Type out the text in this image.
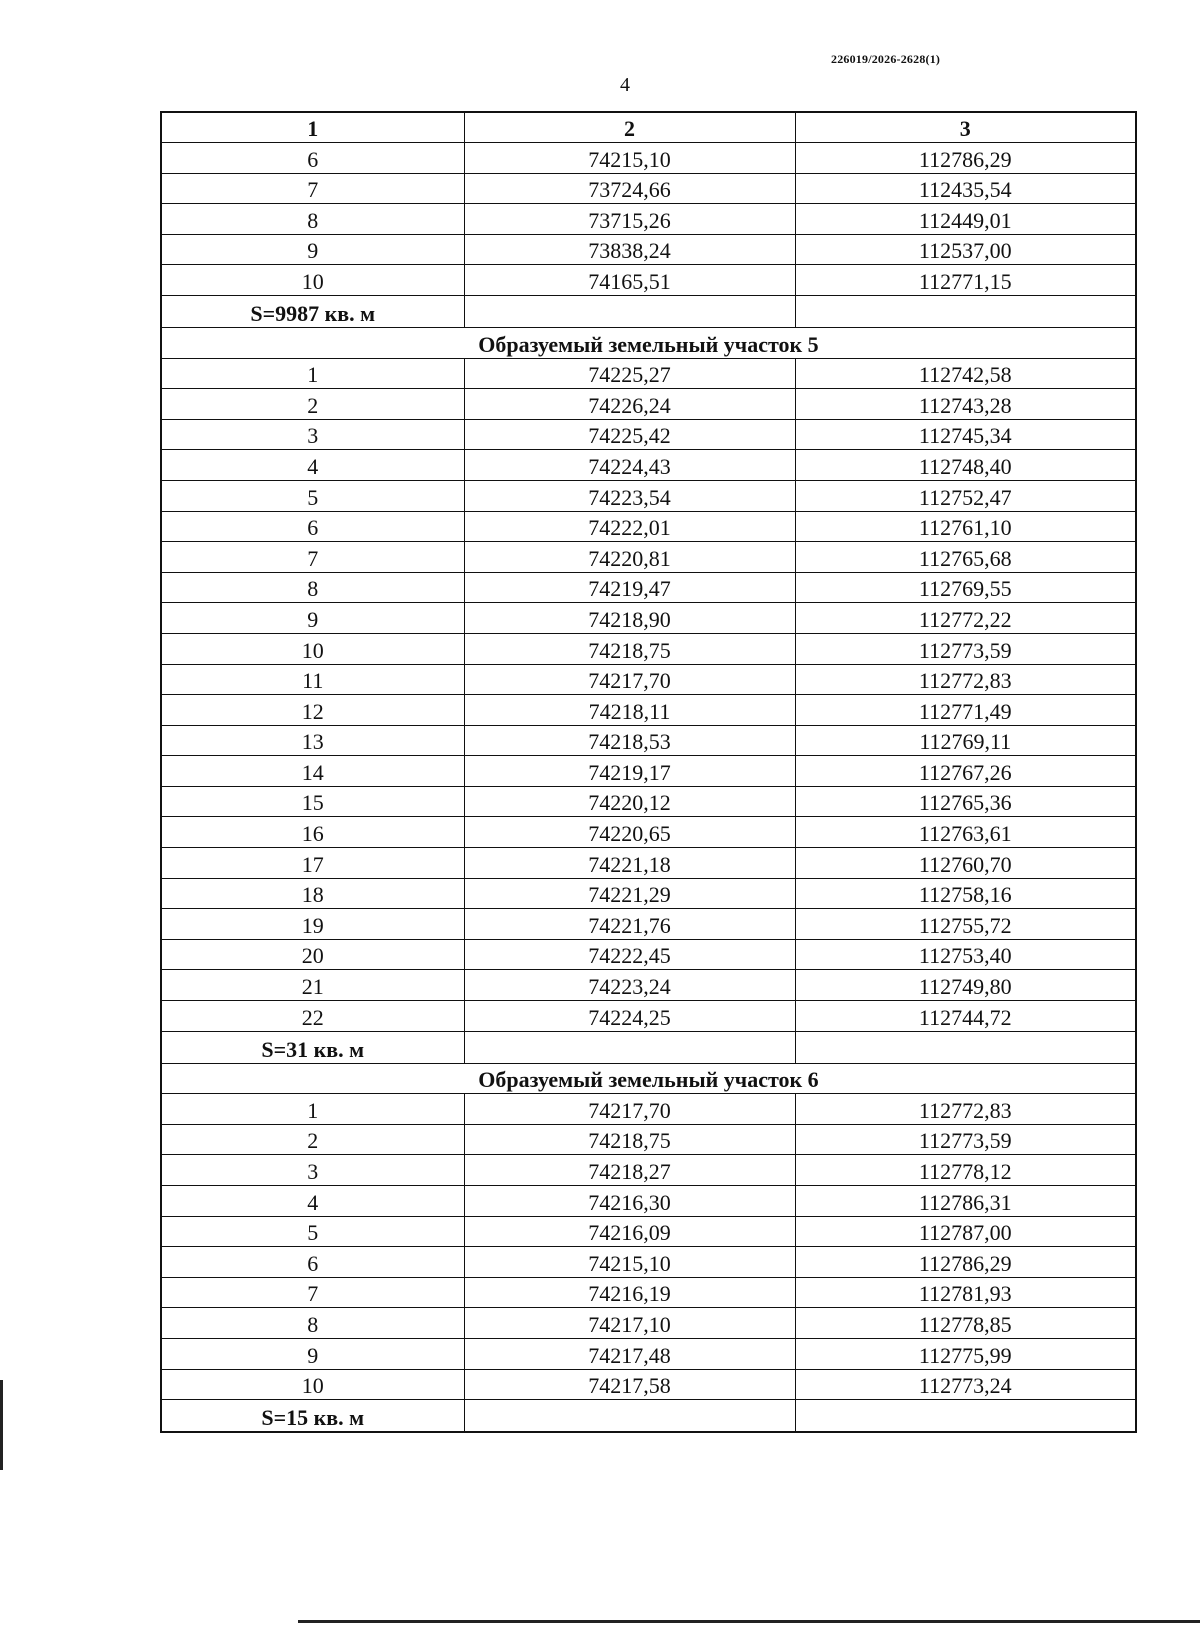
226019/2026-2628(1)
4
1	2	3
6	74215,10	112786,29
7	73724,66	112435,54
8	73715,26	112449,01
9	73838,24	112537,00
10	74165,51	112771,15
S=9987 кв. м		
Образуемый земельный участок 5		
1	74225,27	112742,58
2	74226,24	112743,28
3	74225,42	112745,34
4	74224,43	112748,40
5	74223,54	112752,47
6	74222,01	112761,10
7	74220,81	112765,68
8	74219,47	112769,55
9	74218,90	112772,22
10	74218,75	112773,59
11	74217,70	112772,83
12	74218,11	112771,49
13	74218,53	112769,11
14	74219,17	112767,26
15	74220,12	112765,36
16	74220,65	112763,61
17	74221,18	112760,70
18	74221,29	112758,16
19	74221,76	112755,72
20	74222,45	112753,40
21	74223,24	112749,80
22	74224,25	112744,72
S=31 кв. м		
Образуемый земельный участок 6		
1	74217,70	112772,83
2	74218,75	112773,59
3	74218,27	112778,12
4	74216,30	112786,31
5	74216,09	112787,00
6	74215,10	112786,29
7	74216,19	112781,93
8	74217,10	112778,85
9	74217,48	112775,99
10	74217,58	112773,24
S=15 кв. м		
